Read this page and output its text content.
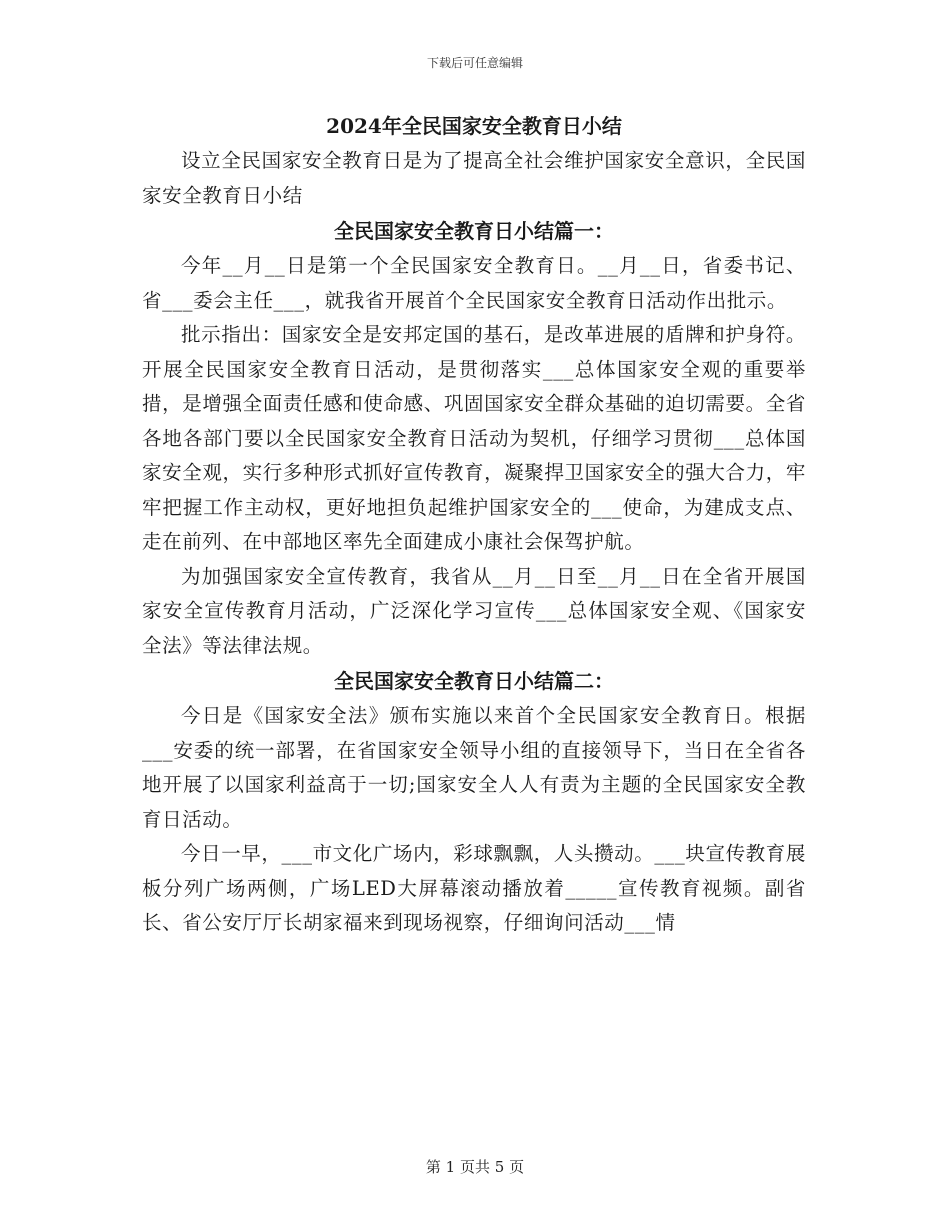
下载后可任意编辑

2024年全民国家安全教育日小结

设立全民国家安全教育日是为了提高全社会维护国家安全意识，全民国家安全教育日小结

全民国家安全教育日小结篇一：

今年__月__日是第一个全民国家安全教育日。__月__日，省委书记、省___委会主任___，就我省开展首个全民国家安全教育日活动作出批示。

批示指出：国家安全是安邦定国的基石，是改革进展的盾牌和护身符。开展全民国家安全教育日活动，是贯彻落实___总体国家安全观的重要举措，是增强全面责任感和使命感、巩固国家安全群众基础的迫切需要。全省各地各部门要以全民国家安全教育日活动为契机，仔细学习贯彻___总体国家安全观，实行多种形式抓好宣传教育，凝聚捍卫国家安全的强大合力，牢牢把握工作主动权，更好地担负起维护国家安全的___使命，为建成支点、走在前列、在中部地区率先全面建成小康社会保驾护航。

为加强国家安全宣传教育，我省从__月__日至__月__日在全省开展国家安全宣传教育月活动，广泛深化学习宣传___总体国家安全观、《国家安全法》等法律法规。

全民国家安全教育日小结篇二：

今日是《国家安全法》颁布实施以来首个全民国家安全教育日。根据___安委的统一部署，在省国家安全领导小组的直接领导下，当日在全省各地开展了以国家利益高于一切;国家安全人人有责为主题的全民国家安全教育日活动。

今日一早，___市文化广场内，彩球飘飘，人头攒动。___块宣传教育展板分列广场两侧，广场LED大屏幕滚动播放着_____宣传教育视频。副省长、省公安厅厅长胡家福来到现场视察，仔细询问活动___情

第 1 页共 5 页
